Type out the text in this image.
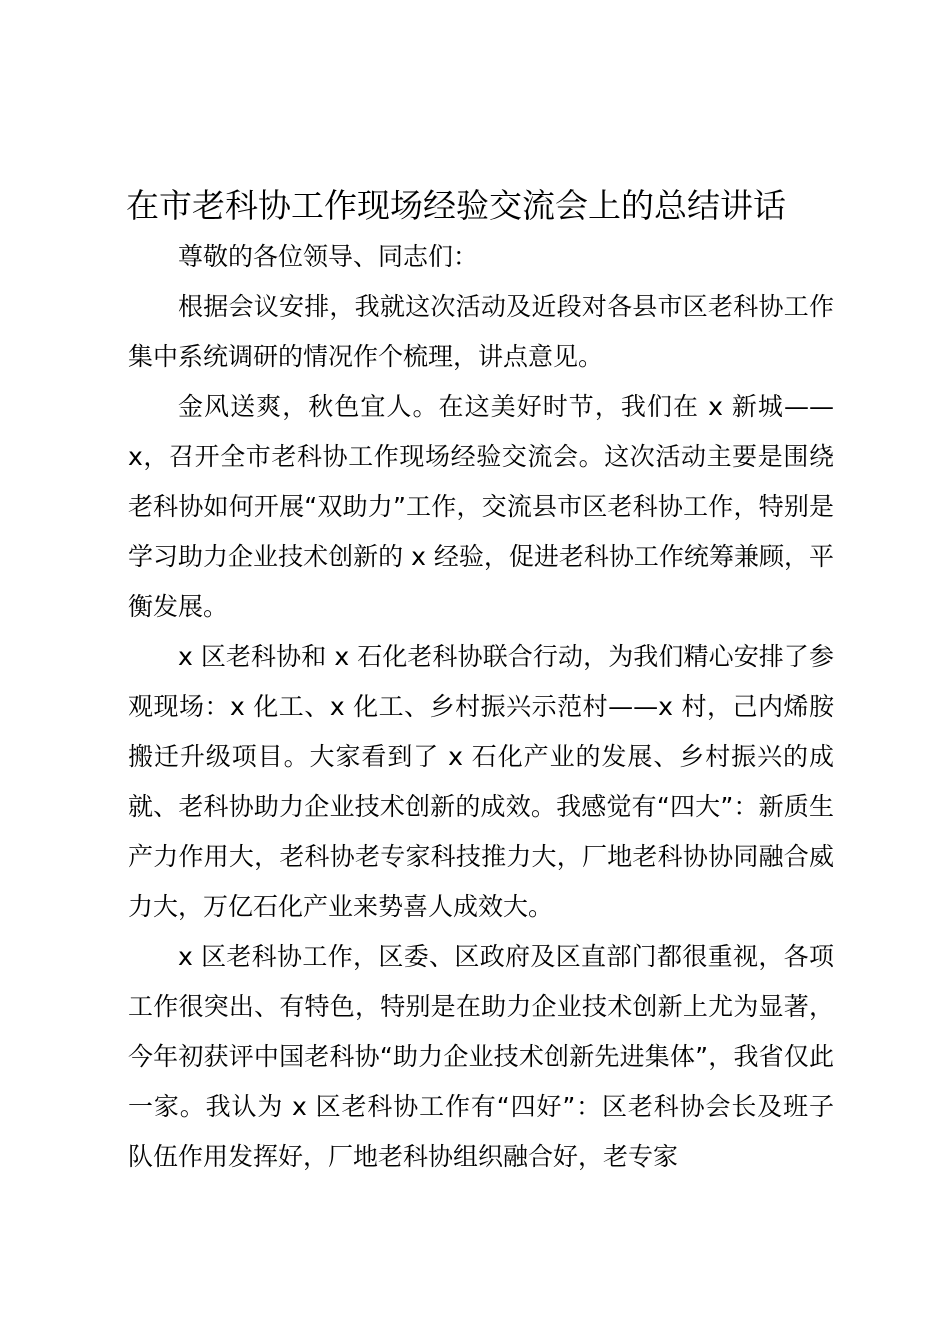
在市老科协工作现场经验交流会上的总结讲话

尊敬的各位领导、同志们：

根据会议安排，我就这次活动及近段对各县市区老科协工作集中系统调研的情况作个梳理，讲点意见。

金风送爽，秋色宜人。在这美好时节，我们在 x 新城——x，召开全市老科协工作现场经验交流会。这次活动主要是围绕老科协如何开展“双助力”工作，交流县市区老科协工作，特别是学习助力企业技术创新的 x 经验，促进老科协工作统筹兼顾，平衡发展。

x 区老科协和 x 石化老科协联合行动，为我们精心安排了参观现场：x 化工、x 化工、乡村振兴示范村——x 村，己内烯胺搬迁升级项目。大家看到了 x 石化产业的发展、乡村振兴的成就、老科协助力企业技术创新的成效。我感觉有“四大”：新质生产力作用大，老科协老专家科技推力大，厂地老科协协同融合威力大，万亿石化产业来势喜人成效大。

x 区老科协工作，区委、区政府及区直部门都很重视，各项工作很突出、有特色，特别是在助力企业技术创新上尤为显著，今年初获评中国老科协“助力企业技术创新先进集体”，我省仅此一家。我认为 x 区老科协工作有“四好”：区老科协会长及班子队伍作用发挥好，厂地老科协组织融合好，老专家
